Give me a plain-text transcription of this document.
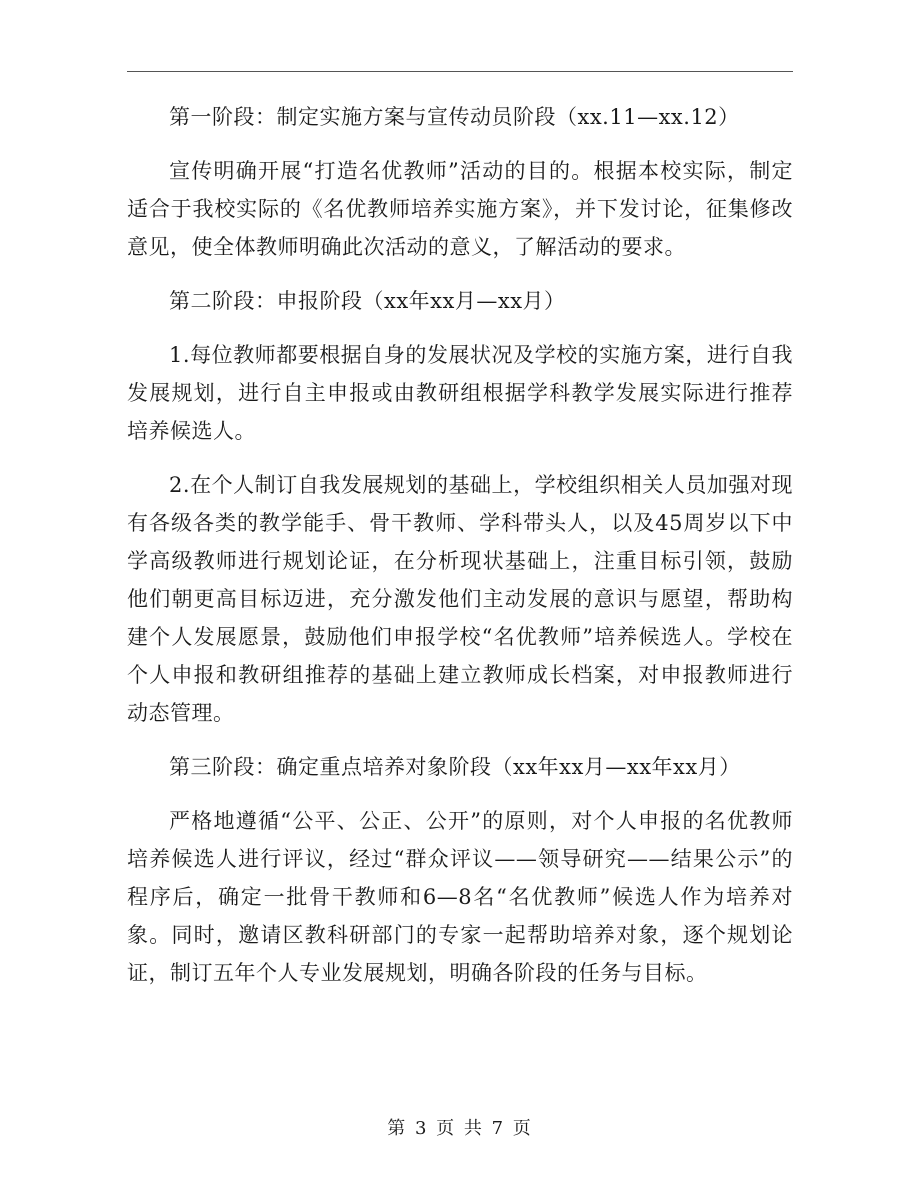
第一阶段：制定实施方案与宣传动员阶段（xx.11—xx.12）

宣传明确开展“打造名优教师”活动的目的。根据本校实际，制定适合于我校实际的《名优教师培养实施方案》，并下发讨论，征集修改意见，使全体教师明确此次活动的意义，了解活动的要求。

第二阶段：申报阶段（xx年xx月—xx月）

1.每位教师都要根据自身的发展状况及学校的实施方案，进行自我发展规划，进行自主申报或由教研组根据学科教学发展实际进行推荐培养候选人。

2.在个人制订自我发展规划的基础上，学校组织相关人员加强对现有各级各类的教学能手、骨干教师、学科带头人，以及45周岁以下中学高级教师进行规划论证，在分析现状基础上，注重目标引领，鼓励他们朝更高目标迈进，充分激发他们主动发展的意识与愿望，帮助构建个人发展愿景，鼓励他们申报学校“名优教师”培养候选人。学校在个人申报和教研组推荐的基础上建立教师成长档案，对申报教师进行动态管理。

第三阶段：确定重点培养对象阶段（xx年xx月—xx年xx月）

严格地遵循“公平、公正、公开”的原则，对个人申报的名优教师培养候选人进行评议，经过“群众评议——领导研究——结果公示”的程序后，确定一批骨干教师和6—8名“名优教师”候选人作为培养对象。同时，邀请区教科研部门的专家一起帮助培养对象，逐个规划论证，制订五年个人专业发展规划，明确各阶段的任务与目标。

第 3 页 共 7 页
